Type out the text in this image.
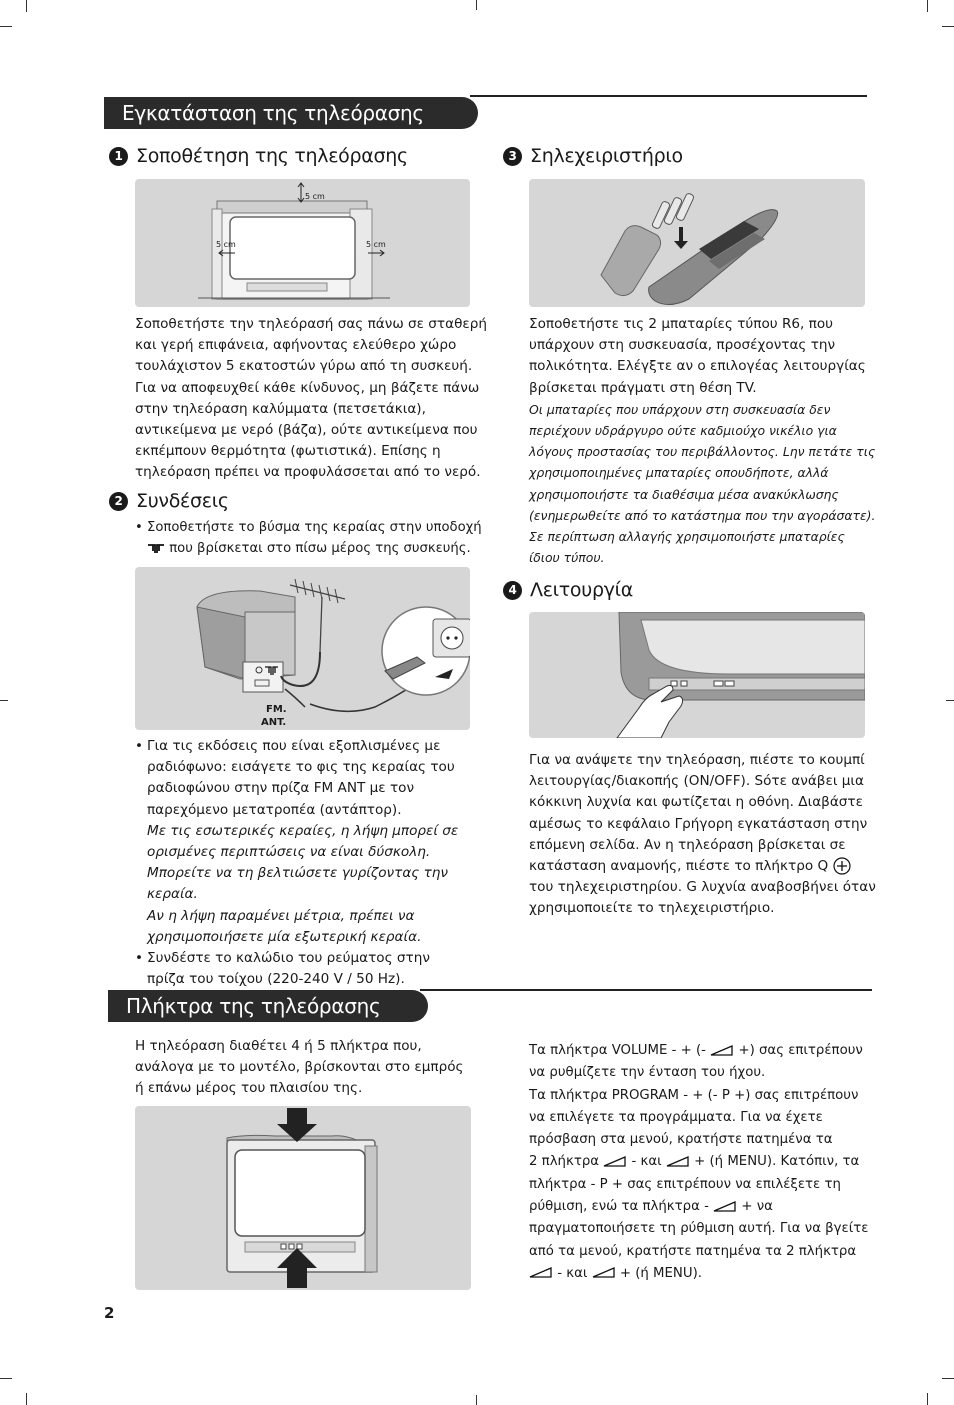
Εγκατάσταση της τηλεόρασης
1 Σοποθέτηση της τηλεόρασης
5 cm
5 cm	5 cm

Σοποθετήστε την τηλεόρασή σας πάνω σε σταθερή

και γερή επιφάνεια, αφήνοντας ελεύθερο χώρο

τουλάχιστον 5 εκατοστών γύρω από τη συσκευή.

Για να αποφευχθεί κάθε κίνδυνος, μη βάζετε πάνω

στην τηλεόραση καλύμματα (πετσετάκια),

αντικείμενα με νερό (βάζα), ούτε αντικείμενα που

εκπέμπουν θερμότητα (φωτιστικά). Επίσης η

τηλεόραση πρέπει να προφυλάσσεται από το νερό.

2 Συνδέσεις

• Σοποθετήστε το βύσμα της κεραίας στην υποδοχή

που βρίσκεται στο πίσω μέρος της συσκευής.

FM.
ANT.

• Για τις εκδόσεις που είναι εξοπλισμένες με

ραδιόφωνο: εισάγετε το φις της κεραίας του

ραδιοφώνου στην πρίζα FM ANT με τον

παρεχόμενο μετατροπέα (αντάπτορ).

Με τις εσωτερικές κεραίες, η λήψη μπορεί σε

ορισμένες περιπτώσεις να είναι δύσκολη.

Μπορείτε να τη βελτιώσετε γυρίζοντας την κεραία.

Αν η λήψη παραμένει μέτρια, πρέπει να

χρησιμοποιήσετε μία εξωτερική κεραία.

• Συνδέστε το καλώδιο του ρεύματος στην

πρίζα του τοίχου (220-240 V / 50 Hz).

3 Σηλεχειριστήριο

Σοποθετήστε τις 2 μπαταρίες τύπου R6, που

υπάρχουν στη συσκευασία, προσέχοντας την

πολικότητα. Ελέγξτε αν ο επιλογέας λειτουργίας

βρίσκεται πράγματι στη θέση TV.

Οι μπαταρίες που υπάρχουν στη συσκευασία δεν

περιέχουν υδράργυρο ούτε καδμιούχο νικέλιο για

λόγους προστασίας του περιβάλλοντος. Lην πετάτε τις

χρησιμοποιημένες μπαταρίες οπουδήποτε, αλλά

χρησιμοποιήστε τα διαθέσιμα μέσα ανακύκλωσης

(ενημερωθείτε από το κατάστημα που την αγοράσατε).

Σε περίπτωση αλλαγής χρησιμοποιήστε μπαταρίες

ίδιου τύπου.

4 Λειτουργία

Για να ανάψετε την τηλεόραση, πιέστε το κουμπί

λειτουργίας/διακοπής (ON/OFF). Sότε ανάβει μια

κόκκινη λυχνία και φωτίζεται η οθόνη. Διαβάστε

αμέσως το κεφάλαιο Γρήγορη εγκατάσταση στην

επόμενη σελίδα. Αν η τηλεόραση βρίσκεται σε

κατάσταση αναμονής, πιέστε το πλήκτρο Q

του τηλεχειριστηρίου. G λυχνία αναβοσβήνει όταν

χρησιμοποιείτε το τηλεχειριστήριο.

Πλήκτρα της τηλεόρασης

Η τηλεόραση διαθέτει 4 ή 5 πλήκτρα που,

ανάλογα με το μοντέλο, βρίσκονται στο εμπρός

ή επάνω μέρος του πλαισίου της.

Τα πλήκτρα VOLUME - + (- +) σας επιτρέπουν

να ρυθμίζετε την ένταση του ήχου.

Τα πλήκτρα PROGRAM - + (- P +) σας επιτρέπουν

να επιλέγετε τα προγράμματα. Για να έχετε

πρόσβαση στα μενού, κρατήστε πατημένα τα

2 πλήκτρα - και + (ή MENU). Κατόπιν, τα

πλήκτρα - P + σας επιτρέπουν να επιλέξετε τη

ρύθμιση, ενώ τα πλήκτρα - + να

πραγματοποιήσετε τη ρύθμιση αυτή. Για να βγείτε

από τα μενού, κρατήστε πατημένα τα 2 πλήκτρα

- και + (ή MENU).

2
